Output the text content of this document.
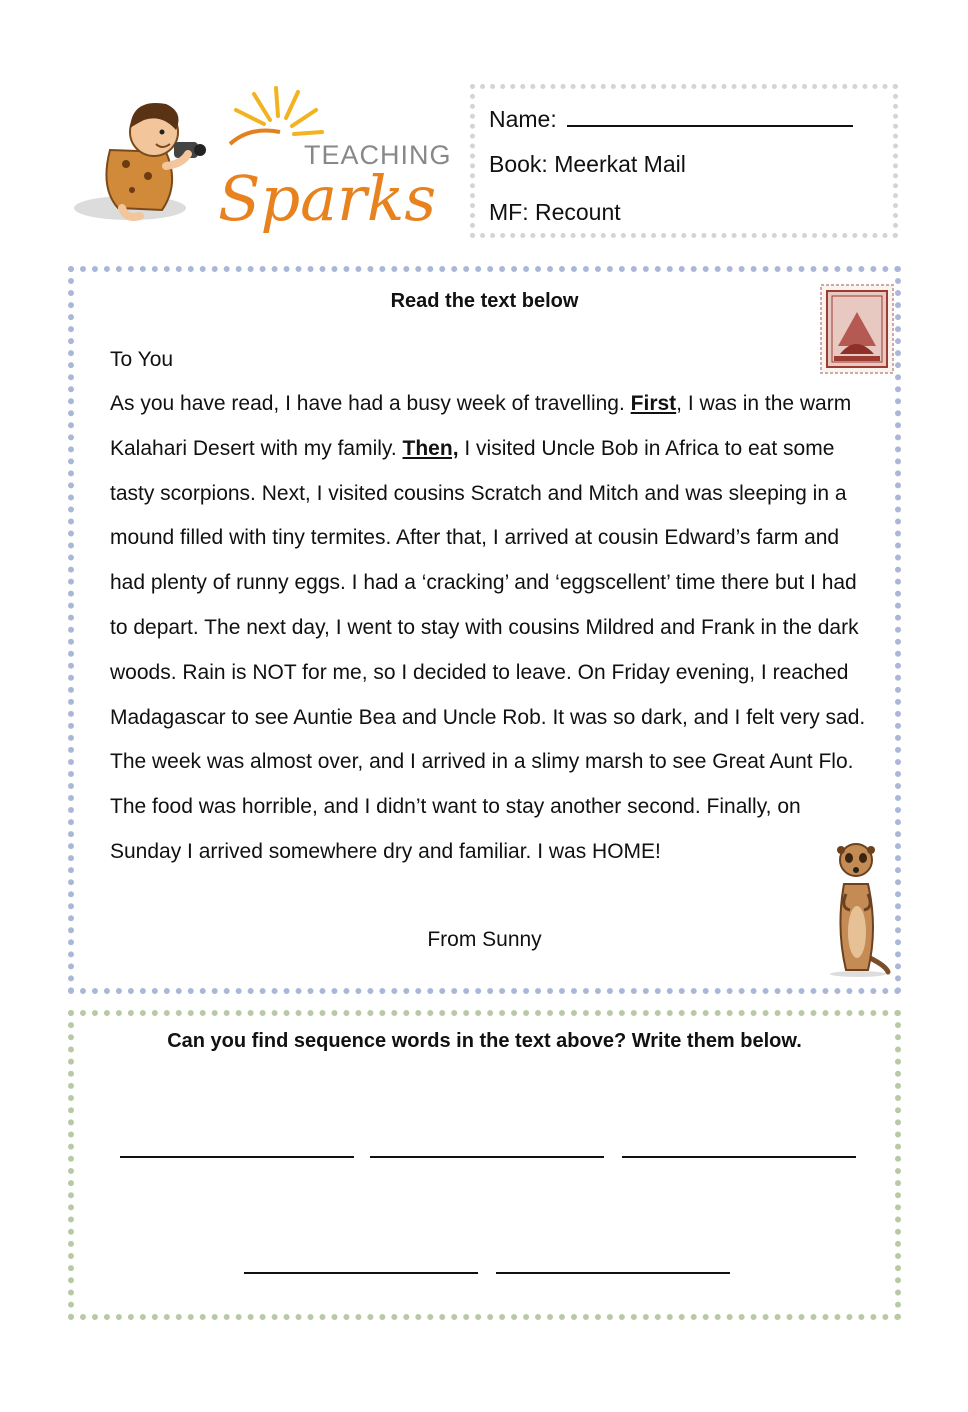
TEACHING
Sparks
Name:
Book: Meerkat Mail
MF: Recount
Read the text below
To You

As you have read, I have had a busy week of travelling. First, I was in the warm Kalahari Desert with my family. Then, I visited Uncle Bob in Africa to eat some tasty scorpions. Next, I visited cousins Scratch and Mitch and was sleeping in a mound filled with tiny termites. After that, I arrived at cousin Edward’s farm and had plenty of runny eggs. I had a ‘cracking’ and ‘eggscellent’ time there but I had to depart. The next day, I went to stay with cousins Mildred and Frank in the dark woods. Rain is NOT for me, so I decided to leave. On Friday evening, I reached Madagascar to see Auntie Bea and Uncle Rob. It was so dark, and I felt very sad. The week was almost over, and I arrived in a slimy marsh to see Great Aunt Flo. The food was horrible, and I didn’t want to stay another second. Finally, on Sunday I arrived somewhere dry and familiar. I was HOME!

From Sunny
Can you find sequence words in the text above? Write them below.
